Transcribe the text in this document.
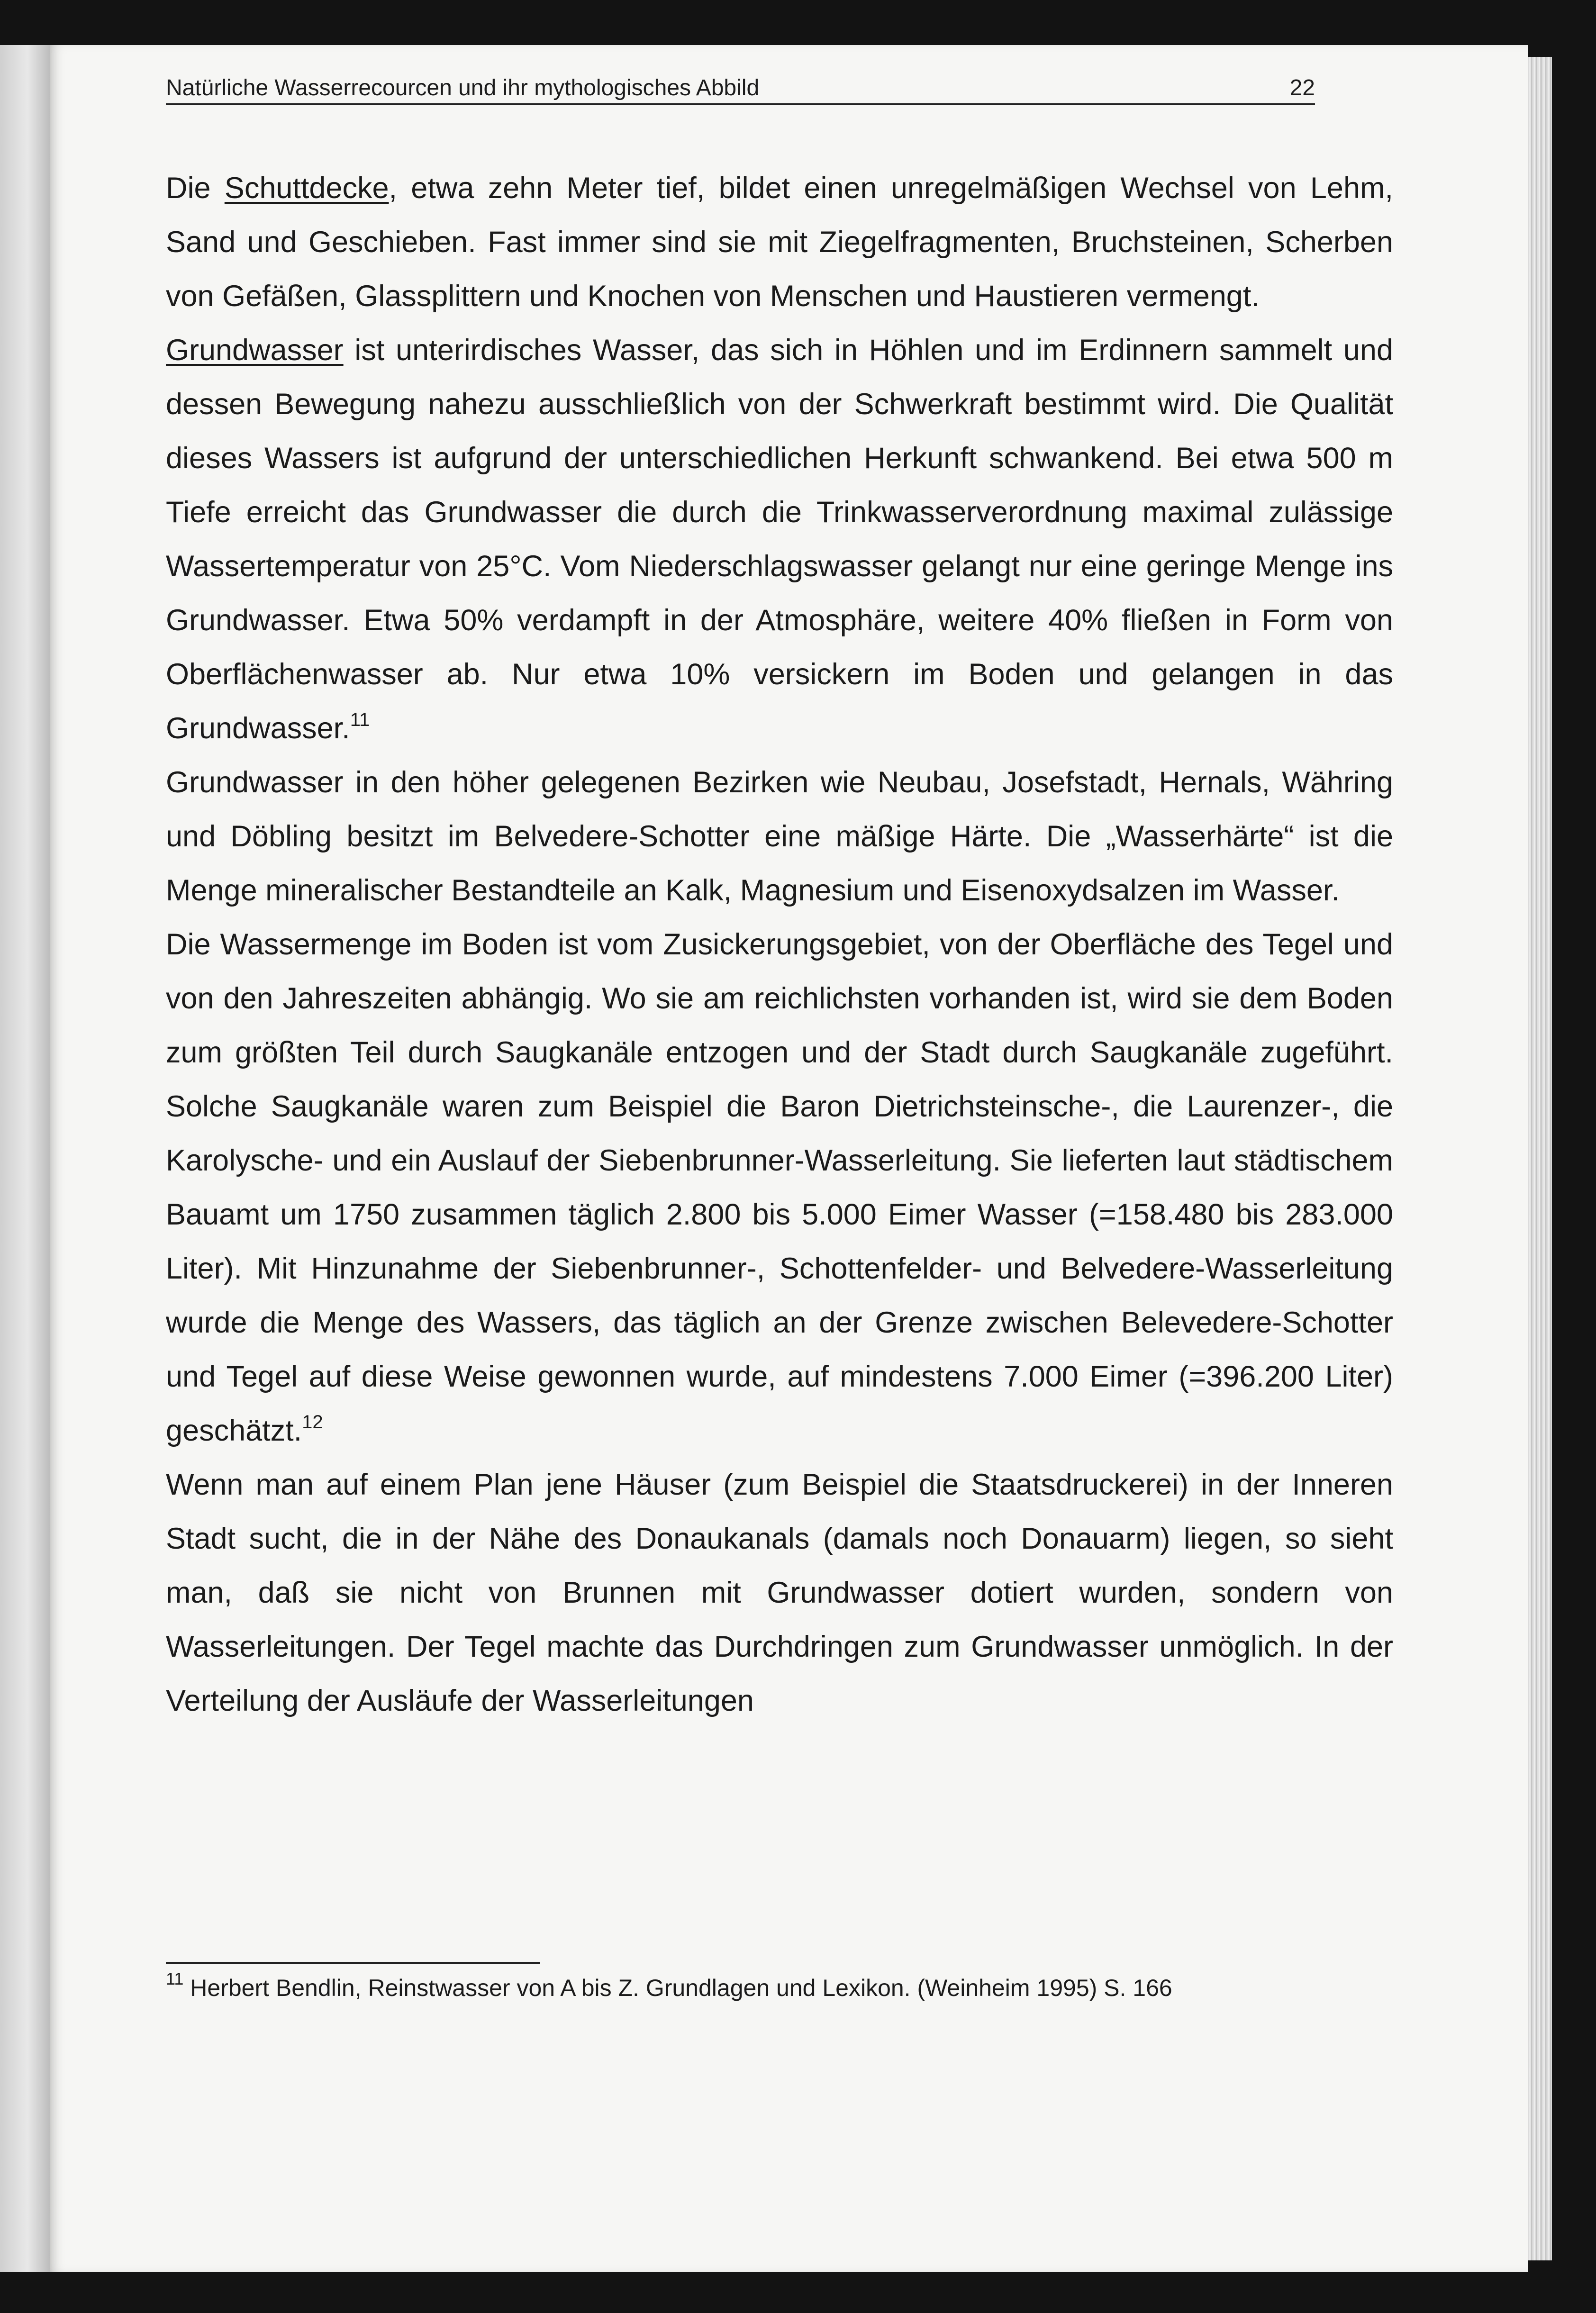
Natürliche Wasserrecourcen und ihr mythologisches Abbild	22

Die Schuttdecke, etwa zehn Meter tief, bildet einen unregelmäßigen Wechsel von Lehm, Sand und Geschieben. Fast immer sind sie mit Ziegelfragmenten, Bruchsteinen, Scherben von Gefäßen, Glassplittern und Knochen von Menschen und Haustieren vermengt.

Grundwasser ist unterirdisches Wasser, das sich in Höhlen und im Erdinnern sammelt und dessen Bewegung nahezu ausschließlich von der Schwerkraft bestimmt wird. Die Qualität dieses Wassers ist aufgrund der unterschiedlichen Herkunft schwankend. Bei etwa 500 m Tiefe erreicht das Grundwasser die durch die Trinkwasserverordnung maximal zulässige Wassertemperatur von 25°C. Vom Niederschlagswasser gelangt nur eine geringe Menge ins Grundwasser. Etwa 50% verdampft in der Atmosphäre, weitere 40% fließen in Form von Oberflächenwasser ab. Nur etwa 10% versickern im Boden und gelangen in das Grundwasser.$^{11}$

Grundwasser in den höher gelegenen Bezirken wie Neubau, Josefstadt, Hernals, Währing und Döbling besitzt im Belvedere-Schotter eine mäßige Härte. Die „Wasserhärte“ ist die Menge mineralischer Bestandteile an Kalk, Magnesium und Eisenoxydsalzen im Wasser.

Die Wassermenge im Boden ist vom Zusickerungsgebiet, von der Oberfläche des Tegel und von den Jahreszeiten abhängig. Wo sie am reichlichsten vorhanden ist, wird sie dem Boden zum größten Teil durch Saugkanäle entzogen und der Stadt durch Saugkanäle zugeführt. Solche Saugkanäle waren zum Beispiel die Baron Dietrichsteinsche-, die Laurenzer-, die Karolysche- und ein Auslauf der Siebenbrunner-Wasserleitung. Sie lieferten laut städtischem Bauamt um 1750 zusammen täglich 2.800 bis 5.000 Eimer Wasser (=158.480 bis 283.000 Liter). Mit Hinzunahme der Siebenbrunner-, Schottenfelder- und Belvedere-Wasserleitung wurde die Menge des Wassers, das täglich an der Grenze zwischen Belevedere-Schotter und Tegel auf diese Weise gewonnen wurde, auf mindestens 7.000 Eimer (=396.200 Liter) geschätzt.$^{12}$

Wenn man auf einem Plan jene Häuser (zum Beispiel die Staatsdruckerei) in der Inneren Stadt sucht, die in der Nähe des Donaukanals (damals noch Donauarm) liegen, so sieht man, daß sie nicht von Brunnen mit Grundwasser dotiert wurden, sondern von Wasserleitungen. Der Tegel machte das Durchdringen zum Grundwasser unmöglich. In der Verteilung der Ausläufe der Wasserleitungen

$^{11}$ Herbert Bendlin, Reinstwasser von A bis Z. Grundlagen und Lexikon. (Weinheim 1995) S. 166
